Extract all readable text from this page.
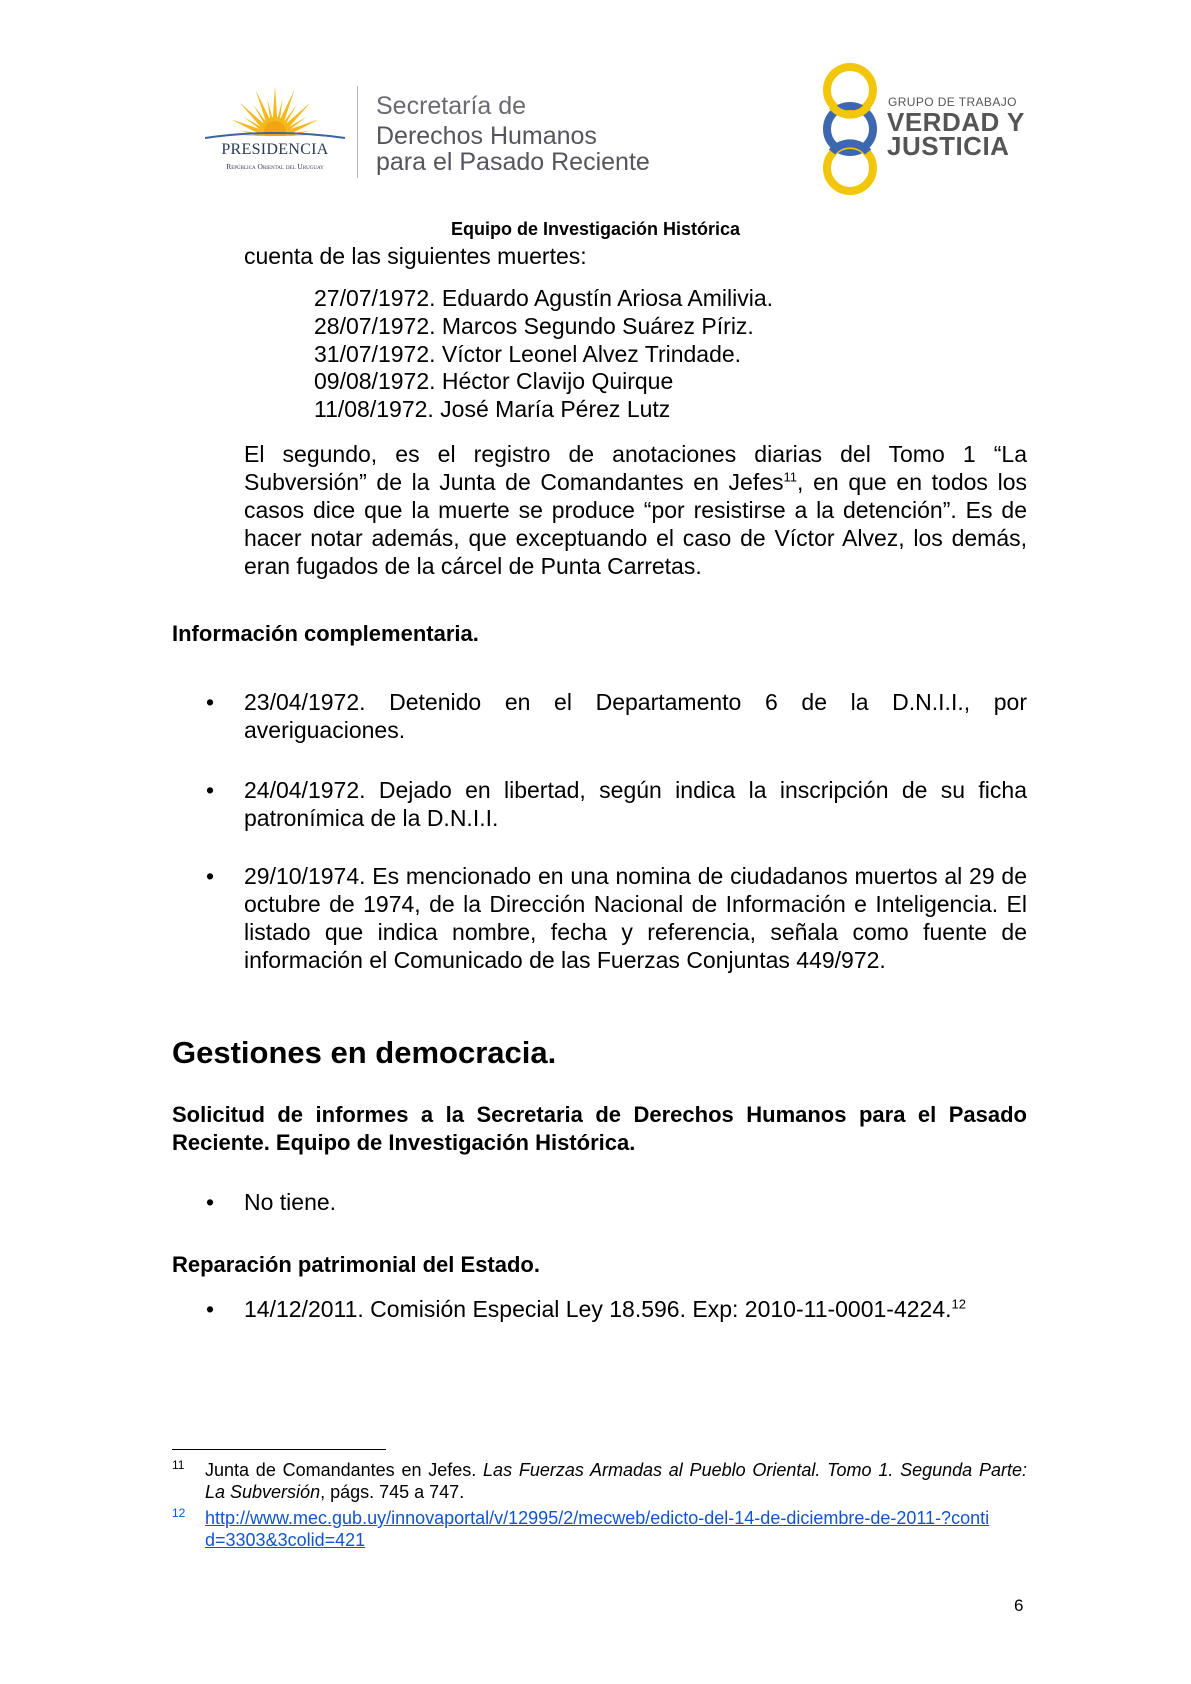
PRESIDENCIA
República Oriental del Uruguay
Secretaría de
Derechos Humanos
para el Pasado Reciente
GRUPO DE TRABAJO
VERDAD Y
JUSTICIA
Equipo de Investigación Histórica
cuenta de las siguientes muertes:
27/07/1972. Eduardo Agustín Ariosa Amilivia.
28/07/1972. Marcos Segundo Suárez Píriz.
31/07/1972. Víctor Leonel Alvez Trindade.
09/08/1972. Héctor Clavijo Quirque
11/08/1972. José María Pérez Lutz
El segundo, es el registro de anotaciones diarias del Tomo 1 “La Subversión” de la Junta de Comandantes en Jefes$^{11}$, en que en todos los casos dice que la muerte se produce “por resistirse a la detención”. Es de hacer notar además, que exceptuando el caso de Víctor Alvez, los demás, eran fugados de la cárcel de Punta Carretas.
Información complementaria.
• 23/04/1972. Detenido en el Departamento 6 de la D.N.I.I., por averiguaciones.
• 24/04/1972. Dejado en libertad, según indica la inscripción de su ficha patronímica de la D.N.I.I.
• 29/10/1974. Es mencionado en una nomina de ciudadanos muertos al 29 de octubre de 1974, de la Dirección Nacional de Información e Inteligencia. El listado que indica nombre, fecha y referencia, señala como fuente de información el Comunicado de las Fuerzas Conjuntas 449/972.
Gestiones en democracia.
Solicitud de informes a la Secretaria de Derechos Humanos para el Pasado Reciente. Equipo de Investigación Histórica.
• No tiene.
Reparación patrimonial del Estado.
• 14/12/2011. Comisión Especial Ley 18.596. Exp: 2010-11-0001-4224.12
11 Junta de Comandantes en Jefes. Las Fuerzas Armadas al Pueblo Oriental. Tomo 1. Segunda Parte: La Subversión, págs. 745 a 747.
12 http://www.mec.gub.uy/innovaportal/v/12995/2/mecweb/edicto-del-14-de-diciembre-de-2011-?contid=3303&3colid=421
6
